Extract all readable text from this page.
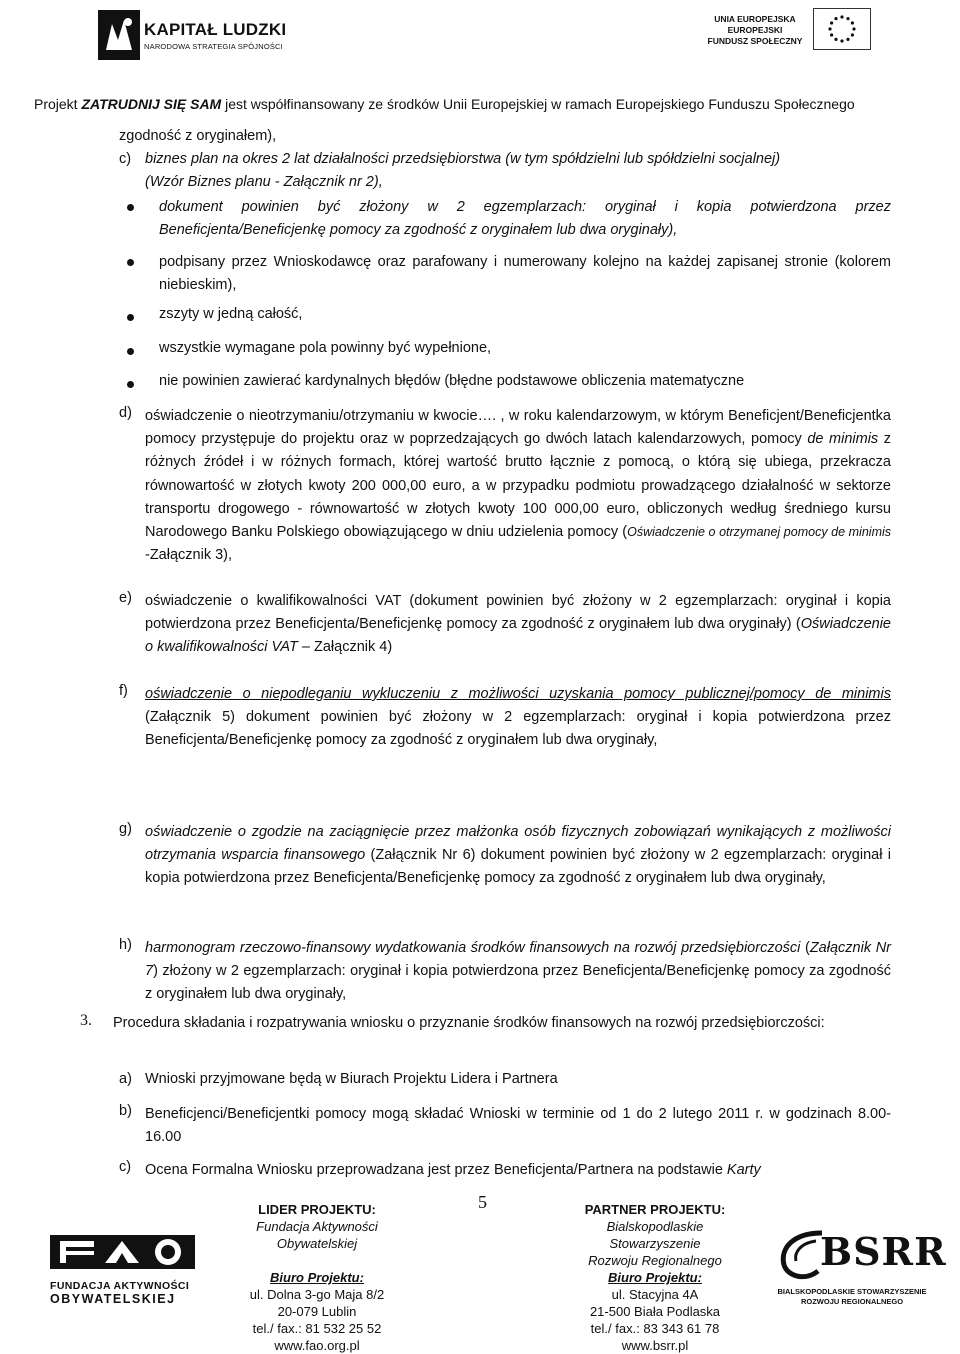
KAPITAŁ LUDZKI
NARODOWA STRATEGIA SPÓJNOŚCI
UNIA EUROPEJSKA
EUROPEJSKI
FUNDUSZ SPOŁECZNY
Projekt ZATRUDNIJ SIĘ SAM jest współfinansowany ze środków Unii Europejskiej w ramach Europejskiego Funduszu Społecznego
zgodność z oryginałem),
c) biznes plan na okres 2 lat działalności przedsiębiorstwa (w tym spółdzielni lub spółdzielni socjalnej)
(Wzór Biznes planu - Załącznik nr 2),
dokument powinien być złożony w 2 egzemplarzach: oryginał i kopia potwierdzona przez Beneficjenta/Beneficjenkę pomocy za zgodność z oryginałem lub dwa oryginały),
podpisany przez Wnioskodawcę oraz parafowany i numerowany kolejno na każdej zapisanej stronie (kolorem niebieskim),
zszyty w jedną całość,
wszystkie wymagane pola powinny być wypełnione,
nie powinien zawierać kardynalnych błędów (błędne podstawowe obliczenia matematyczne
d) oświadczenie o nieotrzymaniu/otrzymaniu w kwocie…. , w roku kalendarzowym, w którym Beneficjent/Beneficjentka pomocy przystępuje do projektu oraz w poprzedzających go dwóch latach kalendarzowych, pomocy de minimis z różnych źródeł i w różnych formach, której wartość brutto łącznie z pomocą, o którą się ubiega, przekracza równowartość w złotych kwoty 200 000,00 euro, a w przypadku podmiotu prowadzącego działalność w sektorze transportu drogowego - równowartość w złotych kwoty 100 000,00 euro, obliczonych według średniego kursu Narodowego Banku Polskiego obowiązującego w dniu udzielenia pomocy (Oświadczenie o otrzymanej pomocy de minimis -Załącznik 3),
e) oświadczenie o kwalifikowalności VAT (dokument powinien być złożony w 2 egzemplarzach: oryginał i kopia potwierdzona przez Beneficjenta/Beneficjenkę pomocy za zgodność z oryginałem lub dwa oryginały) (Oświadczenie o kwalifikowalności VAT – Załącznik 4)
f) oświadczenie o niepodleganiu wykluczeniu z możliwości uzyskania pomocy publicznej/pomocy de minimis (Załącznik 5) dokument powinien być złożony w 2 egzemplarzach: oryginał i kopia potwierdzona przez Beneficjenta/Beneficjenkę pomocy za zgodność z oryginałem lub dwa oryginały,
g) oświadczenie o zgodzie na zaciągnięcie przez małżonka osób fizycznych zobowiązań wynikających z możliwości otrzymania wsparcia finansowego (Załącznik Nr 6) dokument powinien być złożony w 2 egzemplarzach: oryginał i kopia potwierdzona przez Beneficjenta/Beneficjenkę pomocy za zgodność z oryginałem lub dwa oryginały,
h) harmonogram rzeczowo-finansowy wydatkowania środków finansowych na rozwój przedsiębiorczości (Załącznik Nr 7) złożony w 2 egzemplarzach: oryginał i kopia potwierdzona przez Beneficjenta/Beneficjenkę pomocy za zgodność z oryginałem lub dwa oryginały,
3. Procedura składania i rozpatrywania wniosku o przyznanie środków finansowych na rozwój przedsiębiorczości:
a) Wnioski przyjmowane będą w Biurach Projektu Lidera i Partnera
b) Beneficjenci/Beneficjentki pomocy mogą składać Wnioski w terminie od 1 do 2 lutego 2011 r. w godzinach 8.00-16.00
c) Ocena Formalna Wniosku przeprowadzana jest przez Beneficjenta/Partnera na podstawie Karty
5
FUNDACJA AKTYWNOŚCI
OBYWATELSKIEJ
LIDER PROJEKTU:
Fundacja Aktywności
Obywatelskiej

Biuro Projektu:
ul. Dolna 3-go Maja 8/2
20-079 Lublin
tel./ fax.: 81 532 25 52
www.fao.org.pl
PARTNER PROJEKTU:
Bialskopodlaskie
Stowarzyszenie
Rozwoju Regionalnego

Biuro Projektu:
ul. Stacyjna 4A
21-500 Biała Podlaska
tel./ fax.: 83 343 61 78
www.bsrr.pl
BSRR
BIALSKOPODLASKIE STOWARZYSZENIE
ROZWOJU REGIONALNEGO
